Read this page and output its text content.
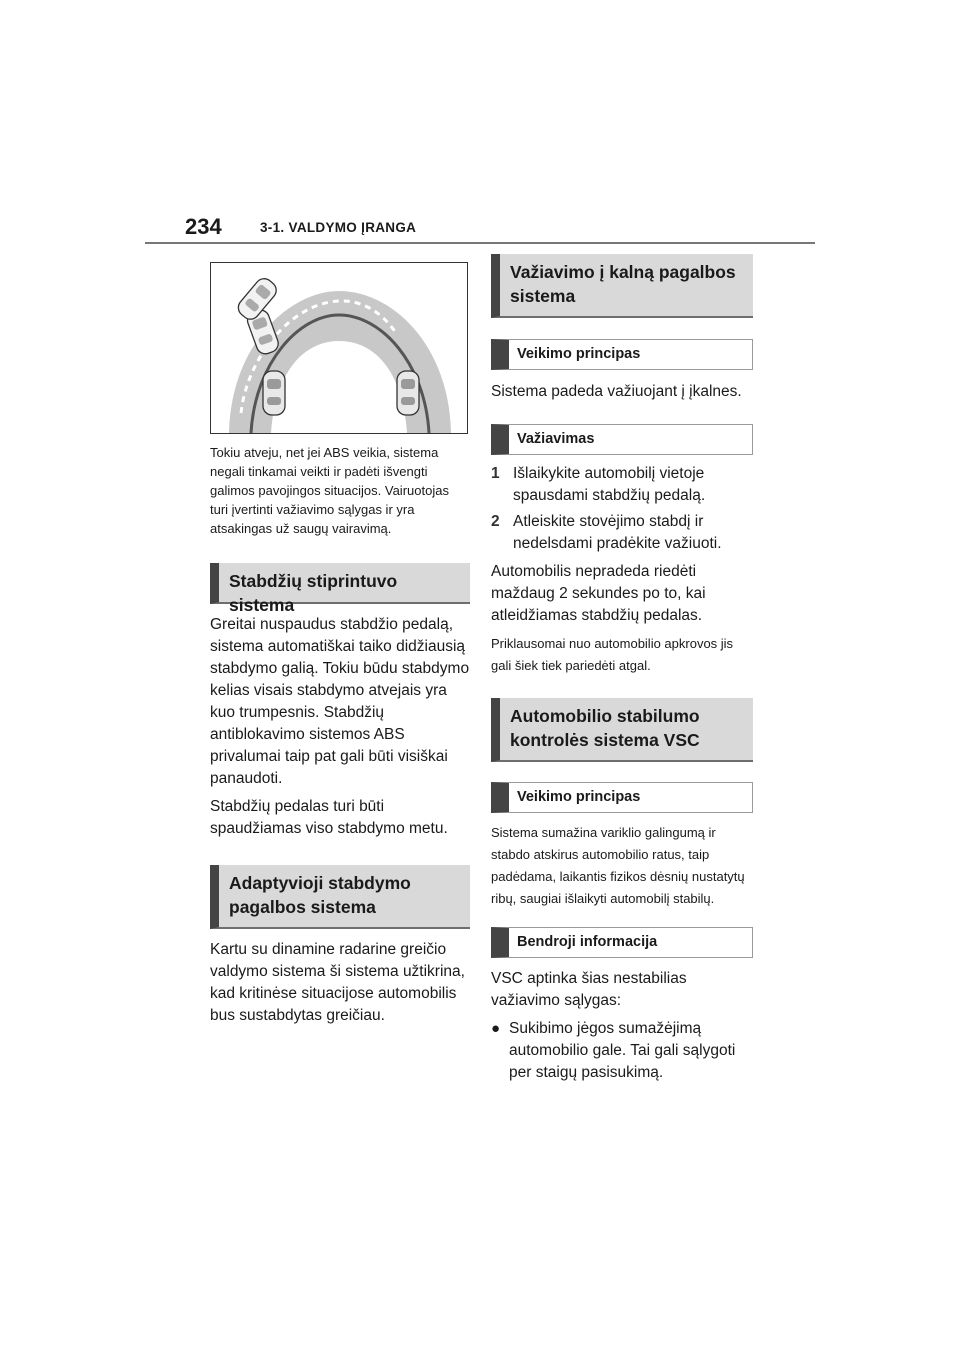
234	3-1. VALDYMO ĮRANGA
Tokiu atveju, net jei ABS veikia, sistema negali tinkamai veikti ir padėti išvengti galimos pavojingos situacijos. Vairuotojas turi įvertinti važiavimo sąlygas ir yra atsakingas už saugų vairavimą.
Stabdžių stiprintuvo sistema
Greitai nuspaudus stabdžio pedalą, sistema automatiškai taiko didžiausią stabdymo galią. Tokiu būdu stabdymo kelias visais stabdymo atvejais yra kuo trumpesnis. Stabdžių antiblokavimo sistemos ABS privalumai taip pat gali būti visiškai panaudoti.
Stabdžių pedalas turi būti spaudžiamas viso stabdymo metu.
Adaptyvioji stabdymo pagalbos sistema
Kartu su dinamine radarine greičio valdymo sistema ši sistema užtikrina, kad kritinėse situacijose automobilis bus sustabdytas greičiau.
Važiavimo į kalną pagalbos sistema
Veikimo principas
Sistema padeda važiuojant į įkalnes.
Važiavimas
1 Išlaikykite automobilį vietoje spausdami stabdžių pedalą.
2 Atleiskite stovėjimo stabdį ir nedelsdami pradėkite važiuoti.
Automobilis nepradeda riedėti maždaug 2 sekundes po to, kai atleidžiamas stabdžių pedalas.
Priklausomai nuo automobilio apkrovos jis gali šiek tiek pariedėti atgal.
Automobilio stabilumo kontrolės sistema VSC
Veikimo principas
Sistema sumažina variklio galingumą ir stabdo atskirus automobilio ratus, taip padėdama, laikantis fizikos dėsnių nustatytų ribų, saugiai išlaikyti automobilį stabilų.
Bendroji informacija
VSC aptinka šias nestabilias važiavimo sąlygas:
● Sukibimo jėgos sumažėjimą automobilio gale. Tai gali sąlygoti per staigų pasisukimą.
